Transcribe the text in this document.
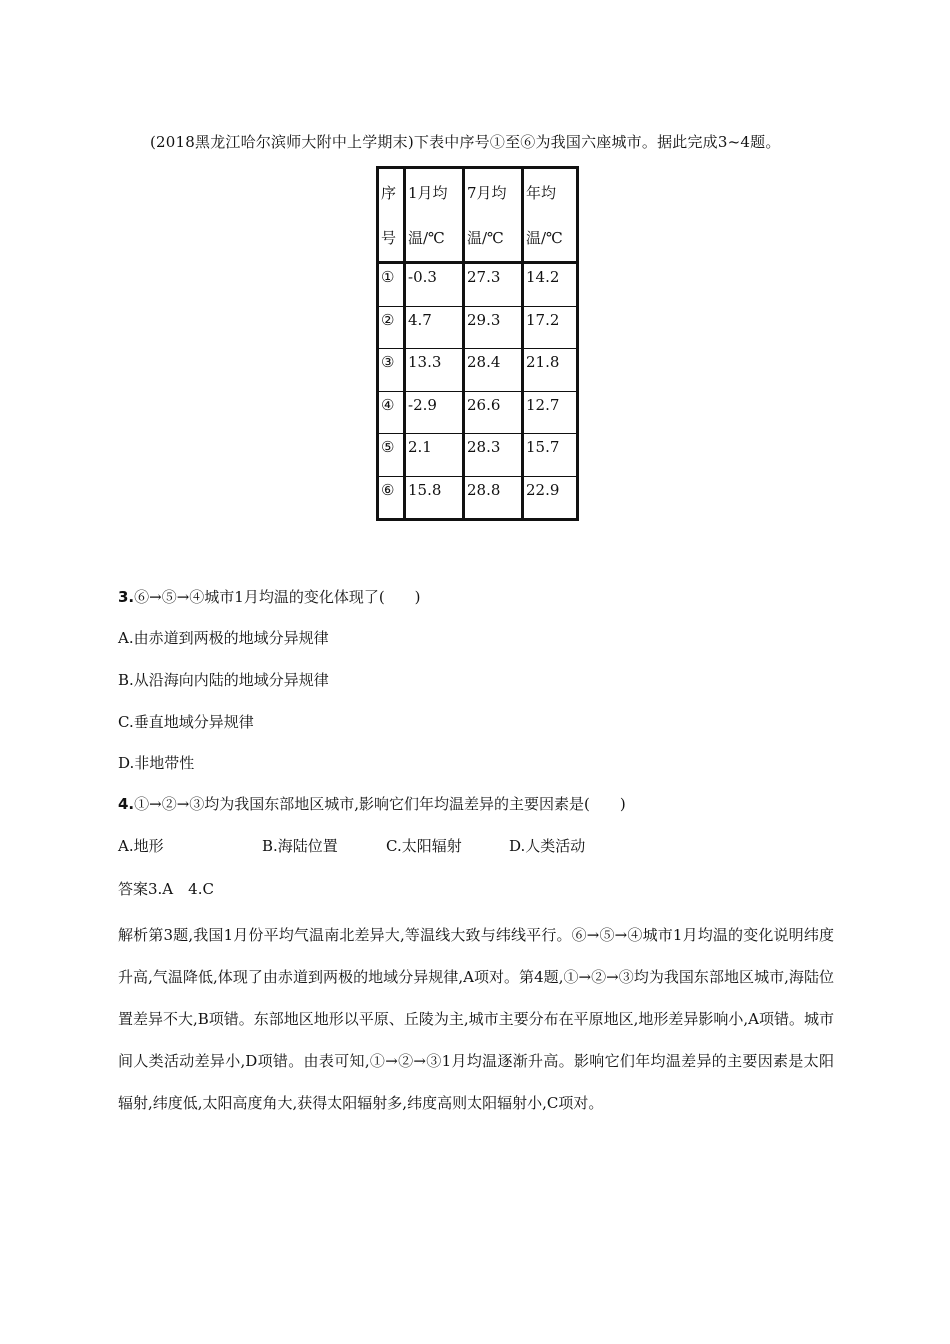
(2018黑龙江哈尔滨师大附中上学期末)下表中序号①至⑥为我国六座城市。据此完成3~4题。
序号	1月均温/℃	7月均温/℃	年均温/℃
①	-0.3	27.3	14.2
②	4.7	29.3	17.2
③	13.3	28.4	21.8
④	-2.9	26.6	12.7
⑤	2.1	28.3	15.7
⑥	15.8	28.8	22.9
3.⑥→⑤→④城市1月均温的变化体现了(　　)
A.由赤道到两极的地域分异规律
B.从沿海向内陆的地域分异规律
C.垂直地域分异规律
D.非地带性
4.①→②→③均为我国东部地区城市,影响它们年均温差异的主要因素是(　　)
A.地形	B.海陆位置	C.太阳辐射	D.人类活动
答案3.A　4.C
解析第3题,我国1月份平均气温南北差异大,等温线大致与纬线平行。⑥→⑤→④城市1月均温的变化说明纬度升高,气温降低,体现了由赤道到两极的地域分异规律,A项对。第4题,①→②→③均为我国东部地区城市,海陆位置差异不大,B项错。东部地区地形以平原、丘陵为主,城市主要分布在平原地区,地形差异影响小,A项错。城市间人类活动差异小,D项错。由表可知,①→②→③1月均温逐渐升高。影响它们年均温差异的主要因素是太阳辐射,纬度低,太阳高度角大,获得太阳辐射多,纬度高则太阳辐射小,C项对。
